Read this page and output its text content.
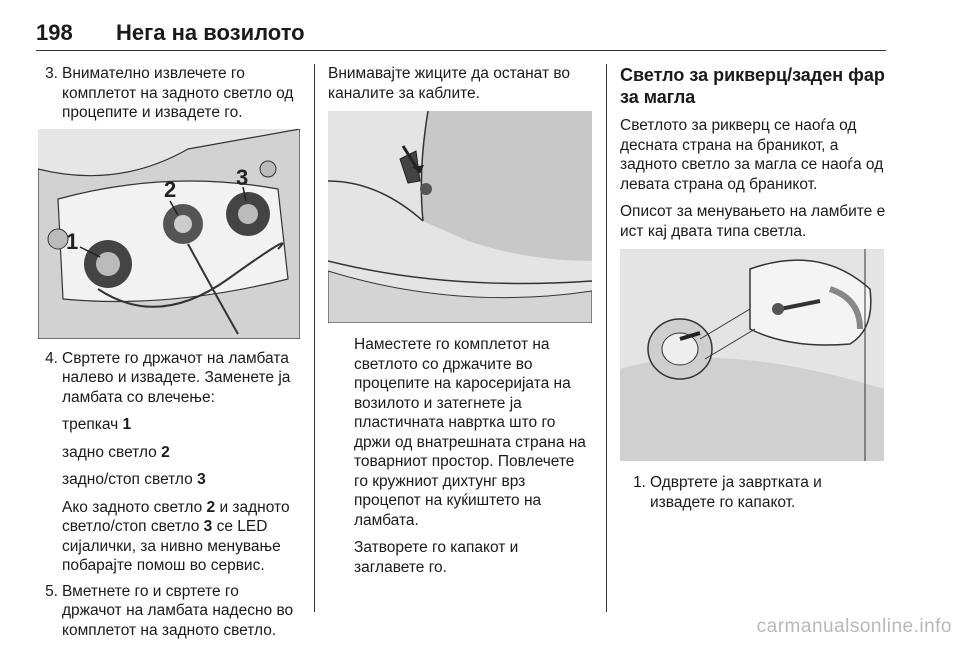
198 Нега на возилото
3. Внимателно извлечете го комплетот на задното светло од процепите и извадете го.
1
2	3
4. Свртете го држачот на ламбата налево и извадете. Заменете ја ламбата со влечење:
трепкач 1
задно светло 2
задно/стоп светло 3
Ако задното светло 2 и задното светло/стоп светло 3 се LED сијалички, за нивно менување побарајте помош во сервис.
5. Вметнете го и свртете го држачот на ламбата надесно во комплетот на задното светло.

Внимавајте жиците да останат во каналите за каблите.

Наместете го комплетот на светлото со држачите во процепите на каросеријата на возилото и затегнете ја пластичната навртка што го држи од внатрешната страна на товарниот простор. Повлечете го кружниот дихтунг врз процепот на куќиштето на ламбата.
Затворете го капакот и заглавете го.
Светло за рикверц/заден фар за магла

Светлото за рикверц се наоѓа од десната страна на браникот, а задното светло за магла се наоѓа од левата страна од браникот.

Описот за менувањето на ламбите е ист кај двата типа светла.

1. Одвртете ја завртката и извадете го капакот.
carmanualsonline.info
